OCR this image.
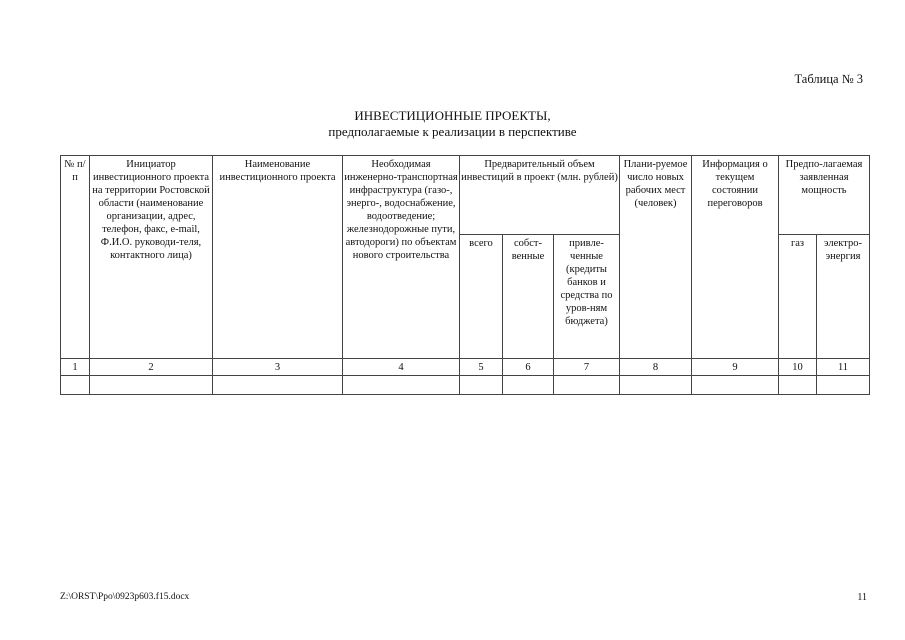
Таблица № 3
ИНВЕСТИЦИОННЫЕ ПРОЕКТЫ,
предполагаемые к реализации в перспективе
№ п/п	Инициатор инвестиционного проекта на территории Ростовской области (наименование организации, адрес, телефон, факс, e-mail, Ф.И.О. руководи-теля, контактного лица)	Наименование инвестиционного проекта	Необходимая инженерно-транспортная инфраструктура (газо-, энерго-, водоснабжение, водоотведение; железнодорожные пути, автодороги) по объектам нового строительства	Предварительный объем инвестиций в проект (млн. рублей)			Плани-руемое число новых рабочих мест (человек)	Информация о текущем состоянии переговоров	Предпо-лагаемая заявленная мощность	
				всего	собст-венные	привле-ченные (кредиты банков и средства по уров-ням бюджета)			газ	электро-энергия
1	2	3	4	5	6	7	8	9	10	11

Z:\ORST\Ppo\0923p603.f15.docx	11
